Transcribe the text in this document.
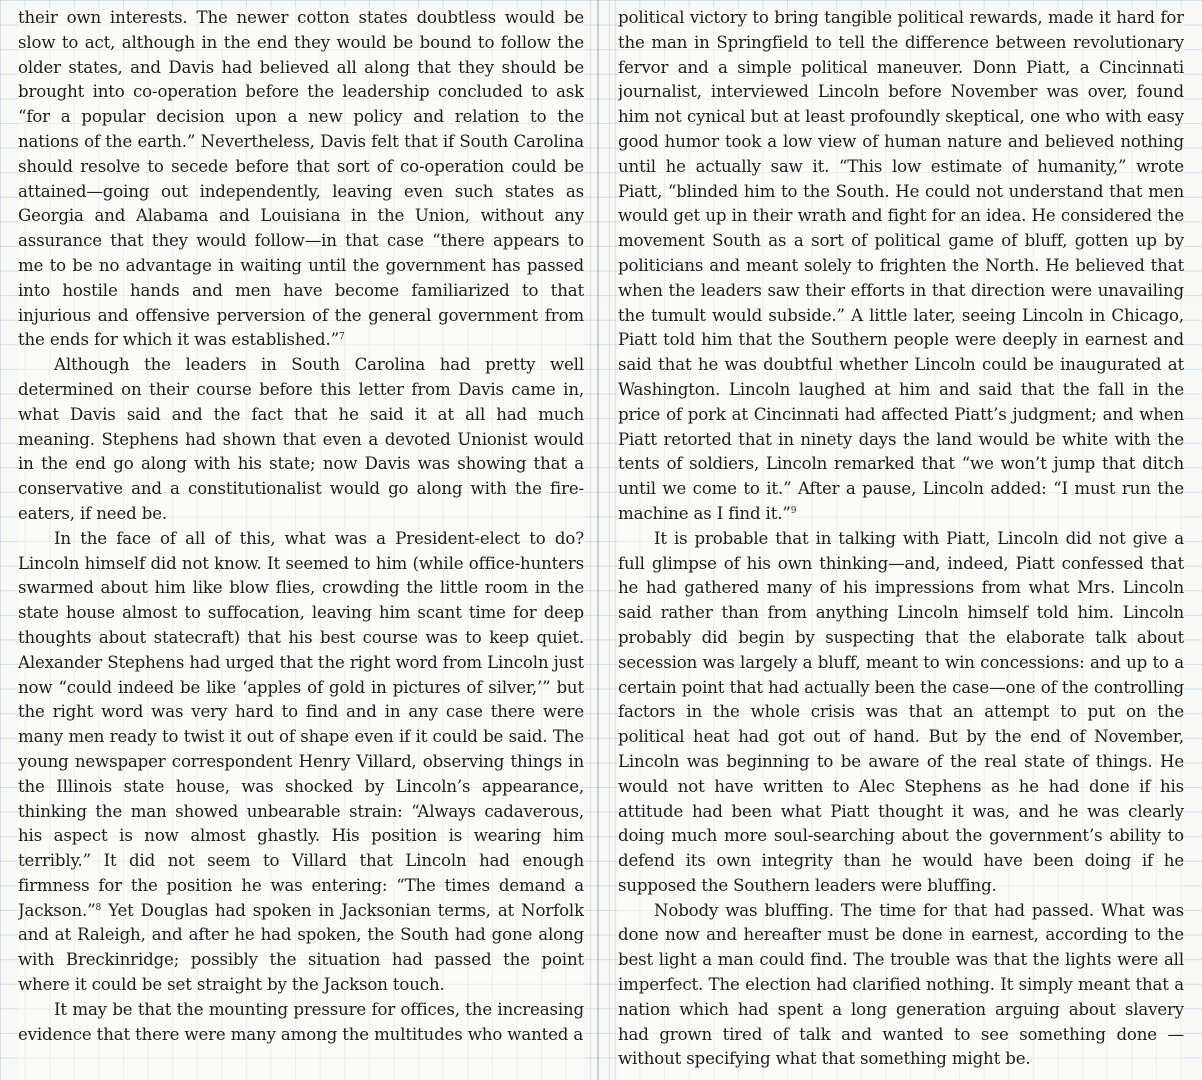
their own interests. The newer cotton states doubtless would be slow to act, although in the end they would be bound to follow the older states, and Davis had believed all along that they should be brought into co-operation before the leadership concluded to ask “for a popular decision upon a new policy and relation to the nations of the earth.” Nevertheless, Davis felt that if South Carolina should resolve to secede before that sort of co-operation could be attained—going out independently, leaving even such states as Georgia and Alabama and Louisiana in the Union, without any assurance that they would follow—in that case “there appears to me to be no advantage in waiting until the government has passed into hostile hands and men have become familiarized to that injurious and offensive perversion of the general government from the ends for which it was established.”$^7$

Although the leaders in South Carolina had pretty well determined on their course before this letter from Davis came in, what Davis said and the fact that he said it at all had much meaning. Stephens had shown that even a devoted Unionist would in the end go along with his state; now Davis was showing that a conservative and a constitutionalist would go along with the fire-eaters, if need be.

In the face of all of this, what was a President-elect to do? Lincoln himself did not know. It seemed to him (while office-hunters swarmed about him like blow flies, crowding the little room in the state house almost to suffocation, leaving him scant time for deep thoughts about statecraft) that his best course was to keep quiet. Alexander Stephens had urged that the right word from Lincoln just now “could indeed be like ‘apples of gold in pictures of silver,’” but the right word was very hard to find and in any case there were many men ready to twist it out of shape even if it could be said. The young newspaper correspondent Henry Villard, observing things in the Illinois state house, was shocked by Lincoln’s appearance, thinking the man showed unbearable strain: “Always cadaverous, his aspect is now almost ghastly. His position is wearing him terribly.” It did not seem to Villard that Lincoln had enough firmness for the position he was entering: “The times demand a Jackson.”$^8$ Yet Douglas had spoken in Jacksonian terms, at Norfolk and at Raleigh, and after he had spoken, the South had gone along with Breckinridge; possibly the situation had passed the point where it could be set straight by the Jackson touch.

It may be that the mounting pressure for offices, the increasing evidence that there were many among the multitudes who wanted a

political victory to bring tangible political rewards, made it hard for the man in Springfield to tell the difference between revolutionary fervor and a simple political maneuver. Donn Piatt, a Cincinnati journalist, interviewed Lincoln before November was over, found him not cynical but at least profoundly skeptical, one who with easy good humor took a low view of human nature and believed nothing until he actually saw it. “This low estimate of humanity,” wrote Piatt, “blinded him to the South. He could not understand that men would get up in their wrath and fight for an idea. He considered the movement South as a sort of political game of bluff, gotten up by politicians and meant solely to frighten the North. He believed that when the leaders saw their efforts in that direction were unavailing the tumult would subside.” A little later, seeing Lincoln in Chicago, Piatt told him that the Southern people were deeply in earnest and said that he was doubtful whether Lincoln could be inaugurated at Washington. Lincoln laughed at him and said that the fall in the price of pork at Cincinnati had affected Piatt’s judgment; and when Piatt retorted that in ninety days the land would be white with the tents of soldiers, Lincoln remarked that “we won’t jump that ditch until we come to it.” After a pause, Lincoln added: “I must run the machine as I find it.”$^9$

It is probable that in talking with Piatt, Lincoln did not give a full glimpse of his own thinking—and, indeed, Piatt confessed that he had gathered many of his impressions from what Mrs. Lincoln said rather than from anything Lincoln himself told him. Lincoln probably did begin by suspecting that the elaborate talk about secession was largely a bluff, meant to win concessions: and up to a certain point that had actually been the case—one of the controlling factors in the whole crisis was that an attempt to put on the political heat had got out of hand. But by the end of November, Lincoln was beginning to be aware of the real state of things. He would not have written to Alec Stephens as he had done if his attitude had been what Piatt thought it was, and he was clearly doing much more soul-searching about the government’s ability to defend its own integrity than he would have been doing if he supposed the Southern leaders were bluffing.

Nobody was bluffing. The time for that had passed. What was done now and hereafter must be done in earnest, according to the best light a man could find. The trouble was that the lights were all imperfect. The election had clarified nothing. It simply meant that a nation which had spent a long generation arguing about slavery had grown tired of talk and wanted to see something done —without specifying what that something might be.
